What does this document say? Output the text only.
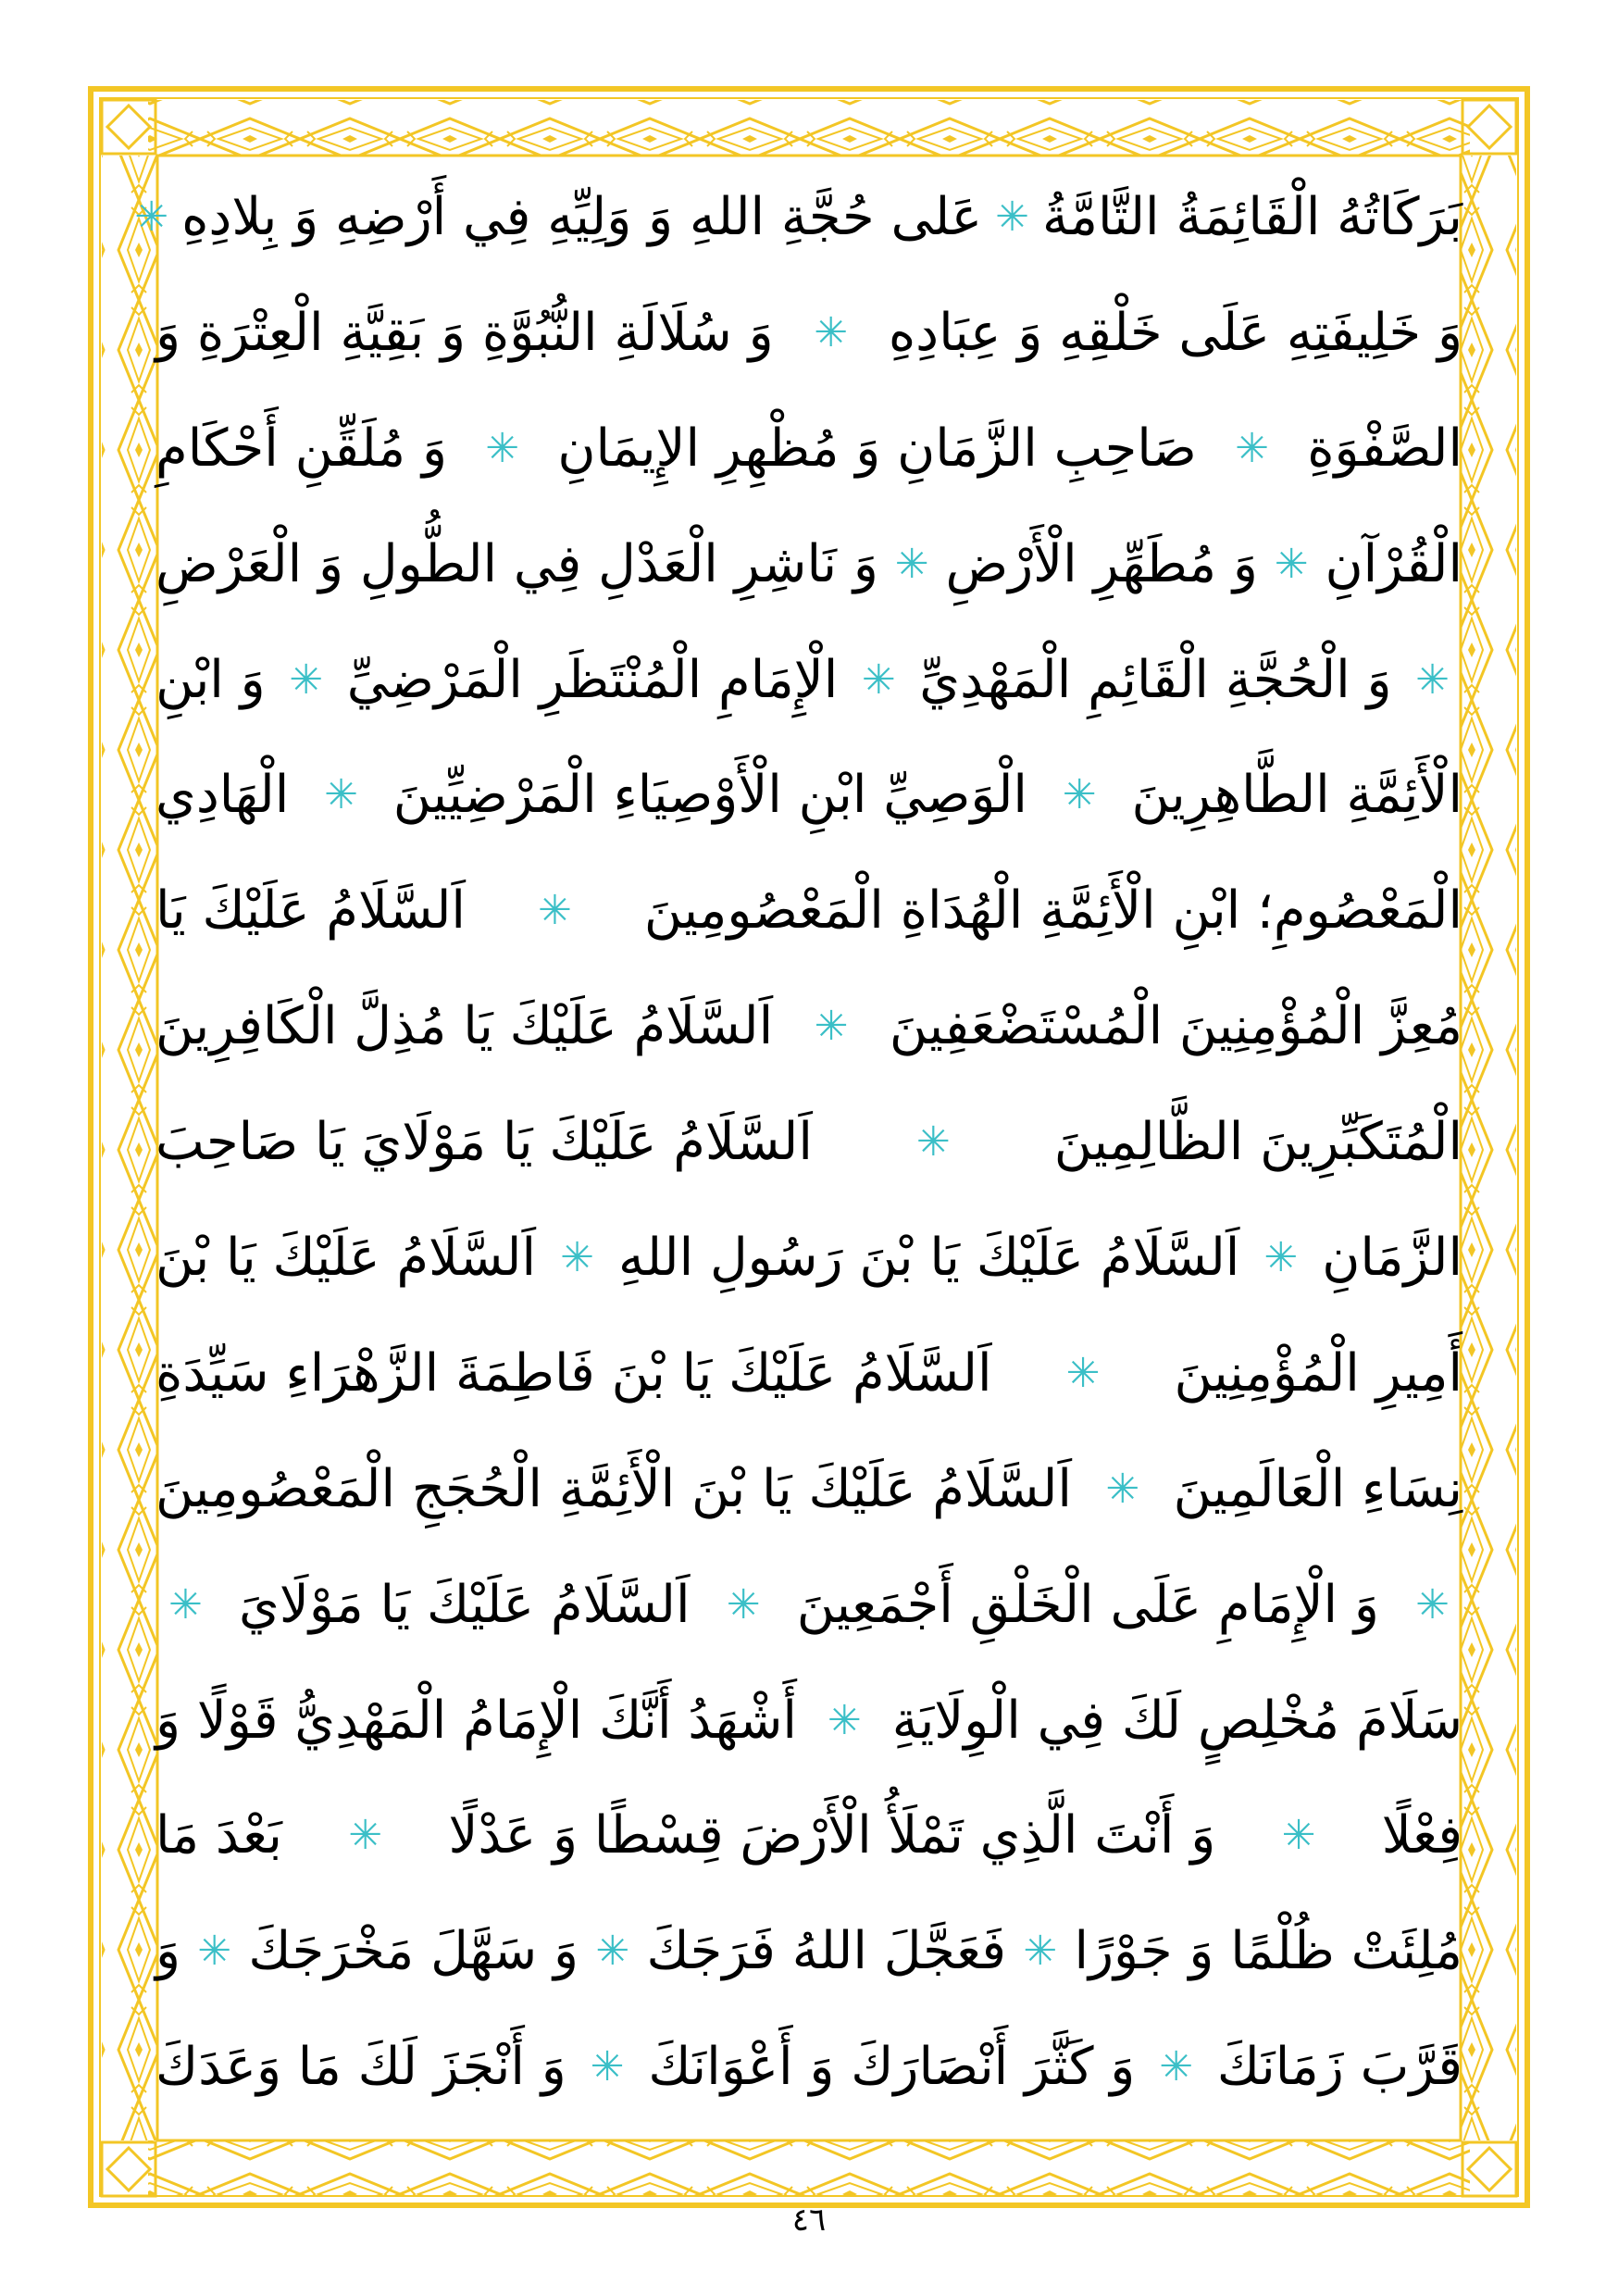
بَرَكَاتُهُ الْقَائِمَةُ التَّامَّةُ
✳
عَلى حُجَّةِ اللهِ وَ وَلِيِّهِ فِي أَرْضِهِ وَ بِلادِهِ
✳
وَ خَلِيفَتِهِ عَلَى خَلْقِهِ وَ عِبَادِهِ
✳
وَ سُلَالَةِ النُّبُوَّةِ وَ بَقِيَّةِ الْعِتْرَةِ وَ
الصَّفْوَةِ
✳
صَاحِبِ الزَّمَانِ وَ مُظْهِرِ الإِيمَانِ
✳
وَ مُلَقِّنِ أَحْكَامِ
الْقُرْآنِ
✳
وَ مُطَهِّرِ الْأَرْضِ
✳
وَ نَاشِرِ الْعَدْلِ فِي الطُّولِ وَ الْعَرْضِ
✳
وَ الْحُجَّةِ الْقَائِمِ الْمَهْدِيِّ
✳
الْإِمَامِ الْمُنْتَظَرِ الْمَرْضِيِّ
✳
وَ ابْنِ
الْأَئِمَّةِ الطَّاهِرِينَ
✳
الْوَصِيِّ ابْنِ الْأَوْصِيَاءِ الْمَرْضِيِّينَ
✳
الْهَادِي
الْمَعْصُومِ؛ ابْنِ الْأَئِمَّةِ الْهُدَاةِ الْمَعْصُومِينَ
✳
اَلسَّلَامُ عَلَيْكَ يَا
مُعِزَّ الْمُؤْمِنِينَ الْمُسْتَضْعَفِينَ
✳
اَلسَّلَامُ عَلَيْكَ يَا مُذِلَّ الْكَافِرِينَ
الْمُتَكَبِّرِينَ الظَّالِمِينَ
✳
اَلسَّلَامُ عَلَيْكَ يَا مَوْلَايَ يَا صَاحِبَ
الزَّمَانِ
✳
اَلسَّلَامُ عَلَيْكَ يَا بْنَ رَسُولِ اللهِ
✳
اَلسَّلَامُ عَلَيْكَ يَا بْنَ
أَمِيرِ الْمُؤْمِنِينَ
✳
اَلسَّلَامُ عَلَيْكَ يَا بْنَ فَاطِمَةَ الزَّهْرَاءِ سَيِّدَةِ
نِسَاءِ الْعَالَمِينَ
✳
اَلسَّلَامُ عَلَيْكَ يَا بْنَ الْأَئِمَّةِ الْحُجَجِ الْمَعْصُومِينَ
✳
وَ الْإِمَامِ عَلَى الْخَلْقِ أَجْمَعِينَ
✳
اَلسَّلَامُ عَلَيْكَ يَا مَوْلَايَ
✳
سَلَامَ مُخْلِصٍ لَكَ فِي الْوِلَايَةِ
✳
أَشْهَدُ أَنَّكَ الْإِمَامُ الْمَهْدِيُّ قَوْلًا وَ
فِعْلًا
✳
وَ أَنْتَ الَّذِي تَمْلَأُ الْأَرْضَ قِسْطًا وَ عَدْلًا
✳
بَعْدَ مَا
مُلِئَتْ ظُلْمًا وَ جَوْرًا
✳
فَعَجَّلَ اللهُ فَرَجَكَ
✳
وَ سَهَّلَ مَخْرَجَكَ
✳
وَ
قَرَّبَ زَمَانَكَ
✳
وَ كَثَّرَ أَنْصَارَكَ وَ أَعْوَانَكَ
✳
وَ أَنْجَزَ لَكَ مَا وَعَدَكَ
٤٦
